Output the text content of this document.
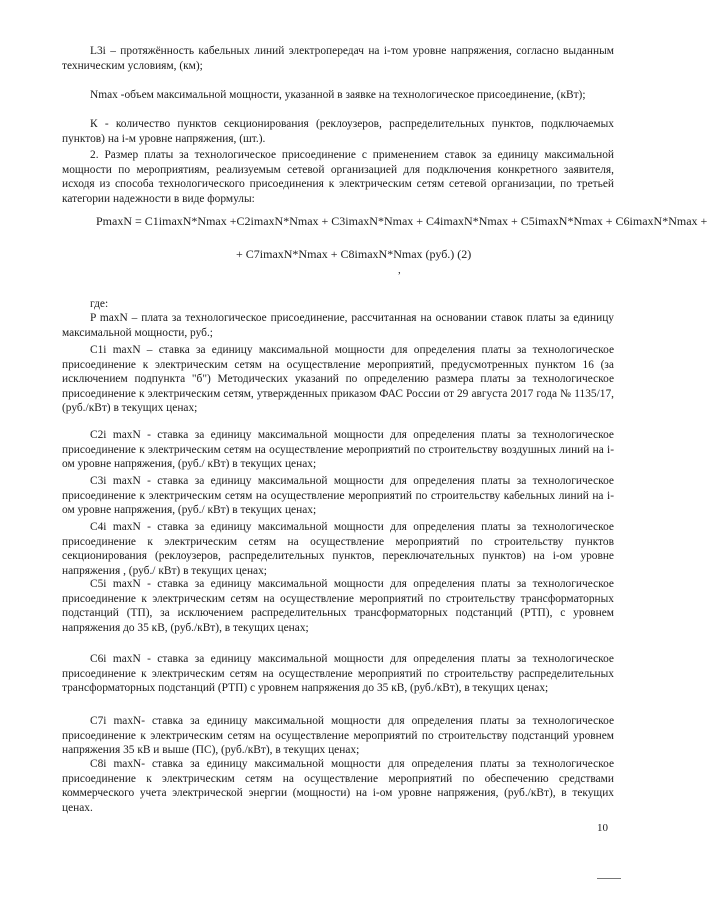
L3i – протяжённость кабельных линий электропередач на i-том уровне напряжения, согласно выданным техническим условиям, (км);

Nmax -объем максимальной мощности, указанной в заявке на технологическое присоединение, (кВт);

К - количество пунктов секционирования (реклоузеров, распределительных пунктов, подключаемых пунктов) на i-м уровне напряжения, (шт.).

2. Размер платы за технологическое присоединение с применением ставок за единицу максимальной мощности по мероприятиям, реализуемым сетевой организацией для подключения конкретного заявителя, исходя из способа технологического присоединения к электрическим сетям сетевой организации, по третьей категории надежности в виде формулы:

PmaxN = C1imaxN*Nmax +C2imaxN*Nmax + C3imaxN*Nmax + C4imaxN*Nmax + C5imaxN*Nmax + C6imaxN*Nmax +
+ C7imaxN*Nmax + C8imaxN*Nmax (руб.) (2)
,

где:

P maxN – плата за технологическое присоединение, рассчитанная на основании ставок платы за единицу максимальной мощности, руб.;

C1i maxN – ставка за единицу максимальной мощности для определения платы за технологическое присоединение к электрическим сетям на осуществление мероприятий, предусмотренных пунктом 16 (за исключением подпункта "б") Методических указаний по определению размера платы за технологическое присоединение к электрическим сетям, утвержденных приказом ФАС России от 29 августа 2017 года № 1135/17, (руб./кВт) в текущих ценах;

C2i maxN - ставка за единицу максимальной мощности для определения платы за технологическое присоединение к электрическим сетям на осуществление мероприятий по строительству воздушных линий на i-ом уровне напряжения, (руб./ кВт) в текущих ценах;

C3i maxN - ставка за единицу максимальной мощности для определения платы за технологическое присоединение к электрическим сетям на осуществление мероприятий по строительству кабельных линий на i-ом уровне напряжения, (руб./ кВт) в текущих ценах;

C4i maxN - ставка за единицу максимальной мощности для определения платы за технологическое присоединение к электрическим сетям на осуществление мероприятий по строительству пунктов секционирования (реклоузеров, распределительных пунктов, переключательных пунктов) на i-ом уровне напряжения , (руб./ кВт) в текущих ценах;

C5i maxN - ставка за единицу максимальной мощности для определения платы за технологическое присоединение к электрическим сетям на осуществление мероприятий по строительству трансформаторных подстанций (ТП), за исключением распределительных трансформаторных подстанций (РТП), с уровнем напряжения до 35 кВ, (руб./кВт), в текущих ценах;

C6i maxN - ставка за единицу максимальной мощности для определения платы за технологическое присоединение к электрическим сетям на осуществление мероприятий по строительству распределительных трансформаторных подстанций (РТП) с уровнем напряжения до 35 кВ, (руб./кВт), в текущих ценах;

C7i maxN- ставка за единицу максимальной мощности для определения платы за технологическое присоединение к электрическим сетям на осуществление мероприятий по строительству подстанций уровнем напряжения 35 кВ и выше (ПС), (руб./кВт), в текущих ценах;

C8i maxN- ставка за единицу максимальной мощности для определения платы за технологическое присоединение к электрическим сетям на осуществление мероприятий по обеспечению средствами коммерческого учета электрической энергии (мощности) на i-ом уровне напряжения, (руб./кВт), в текущих ценах.

10
